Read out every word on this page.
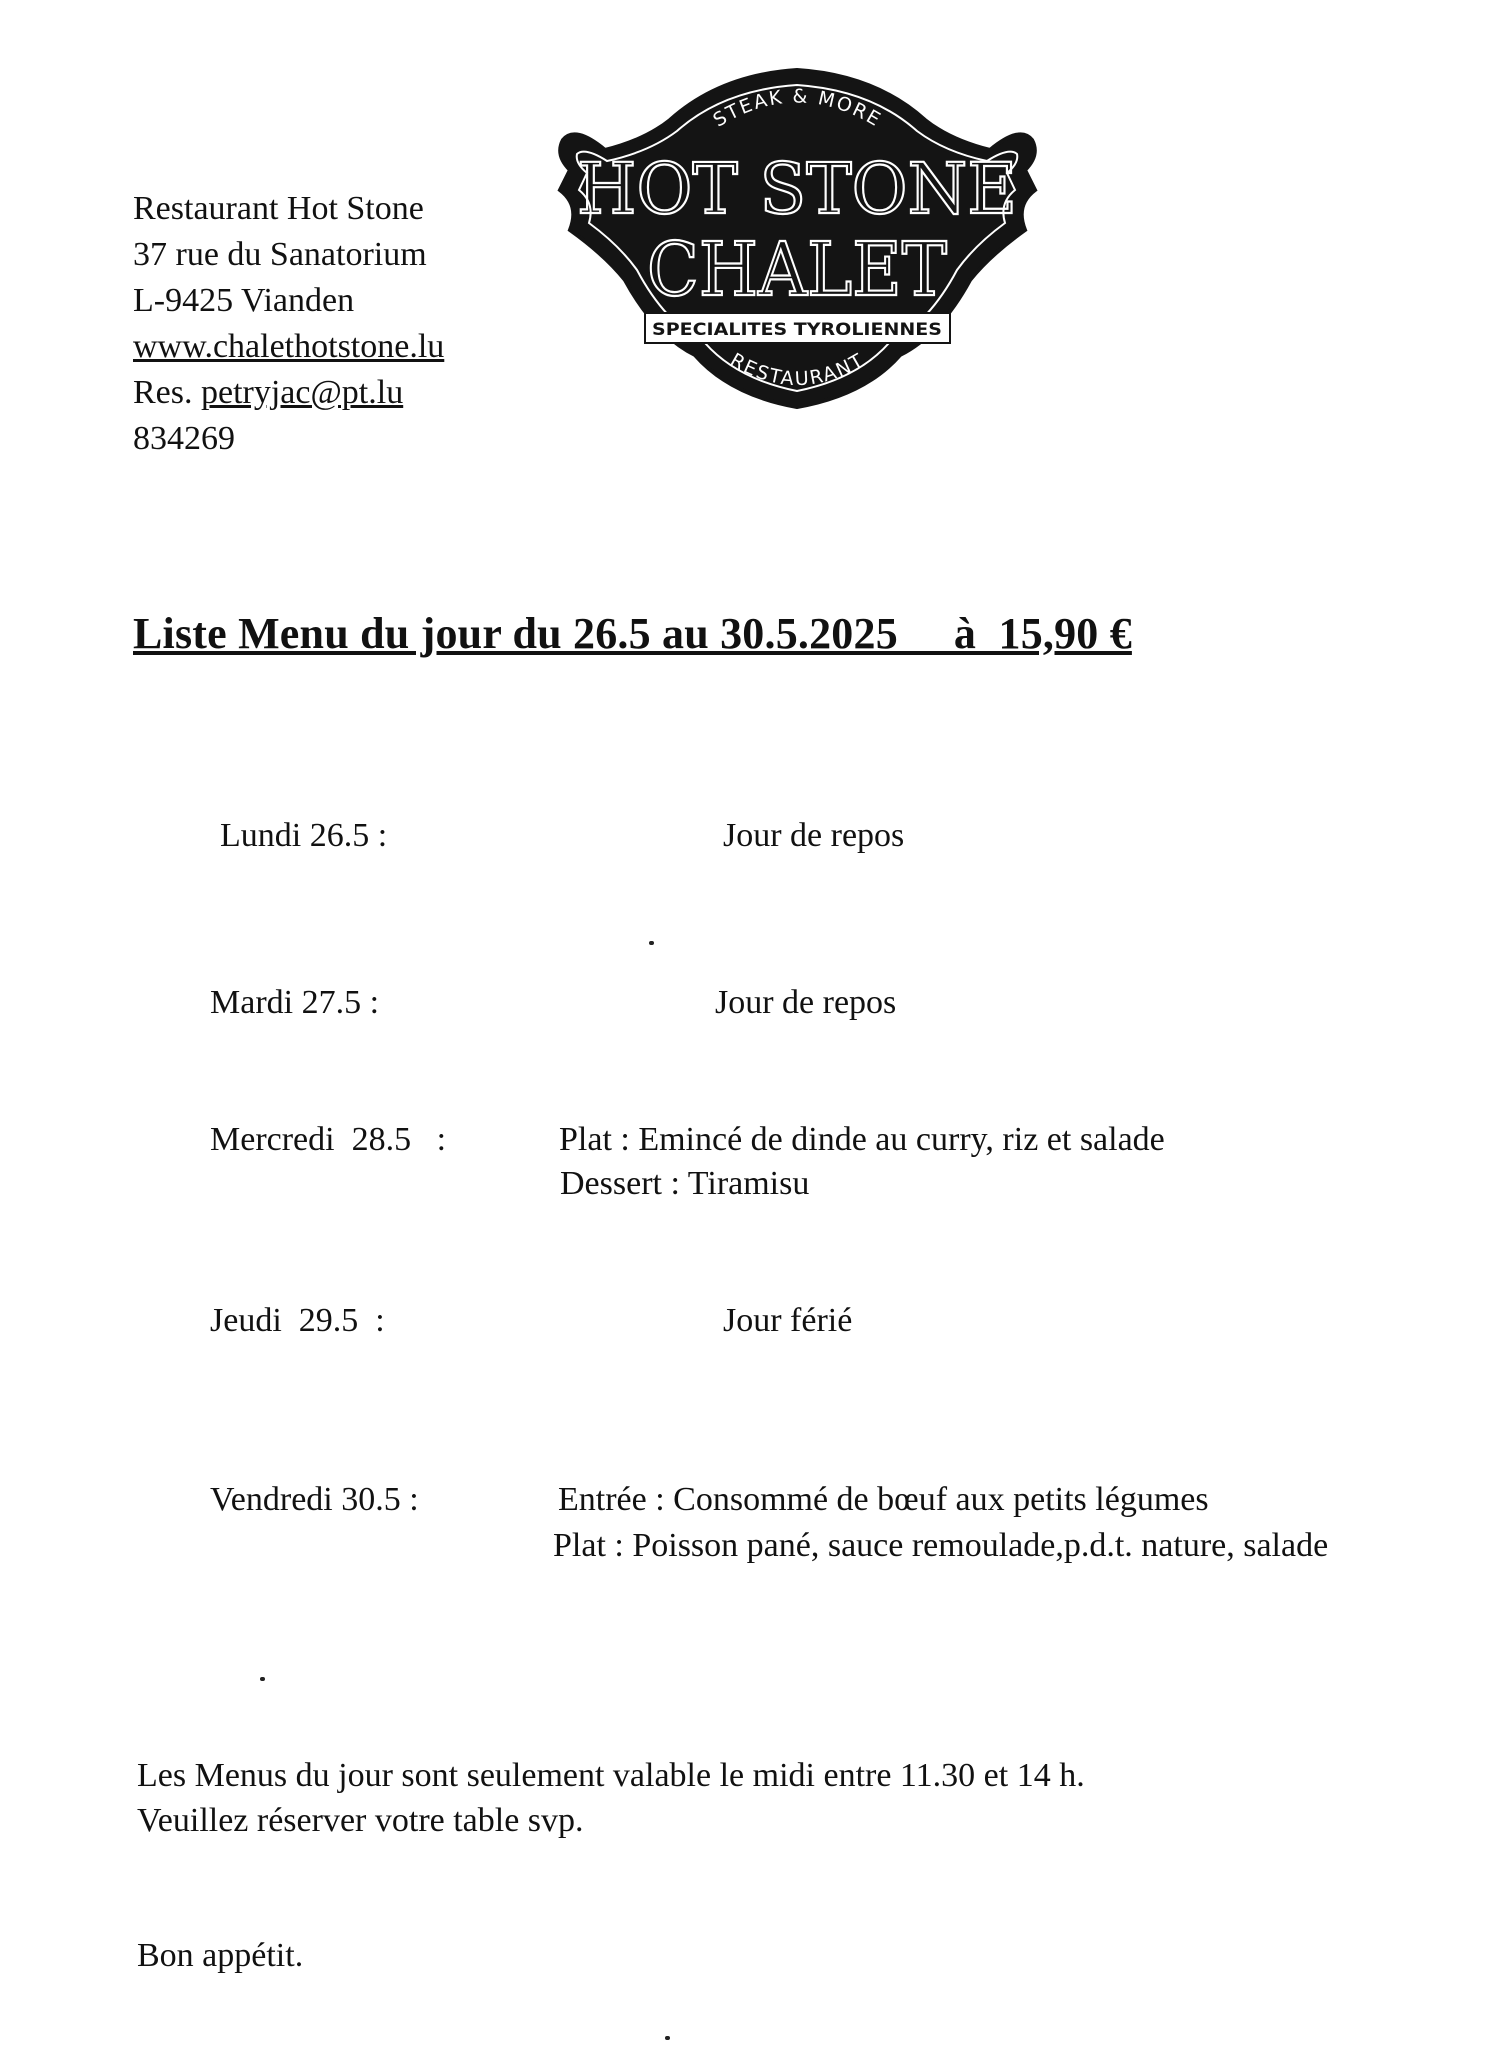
Restaurant Hot Stone
37 rue du Sanatorium
L-9425 Vianden
www.chalethotstone.lu
Res. petryjac@pt.lu
834269
STEAK & MORE
HOT STONE
CHALET
SPECIALITES TYROLIENNES
RESTAURANT
Liste Menu du jour du 26.5 au 30.5.2025     à  15,90 €
Lundi 26.5 :	Jour de repos
Mardi 27.5 :	Jour de repos
Mercredi  28.5   :	Plat : Emincé de dinde au curry, riz et salade
Dessert : Tiramisu
Jeudi  29.5  :	Jour férié
Vendredi 30.5 :	Entrée : Consommé de bœuf aux petits légumes
Plat : Poisson pané, sauce remoulade,p.d.t. nature, salade
Les Menus du jour sont seulement valable le midi entre 11.30 et 14 h.
Veuillez réserver votre table svp.
Bon appétit.
